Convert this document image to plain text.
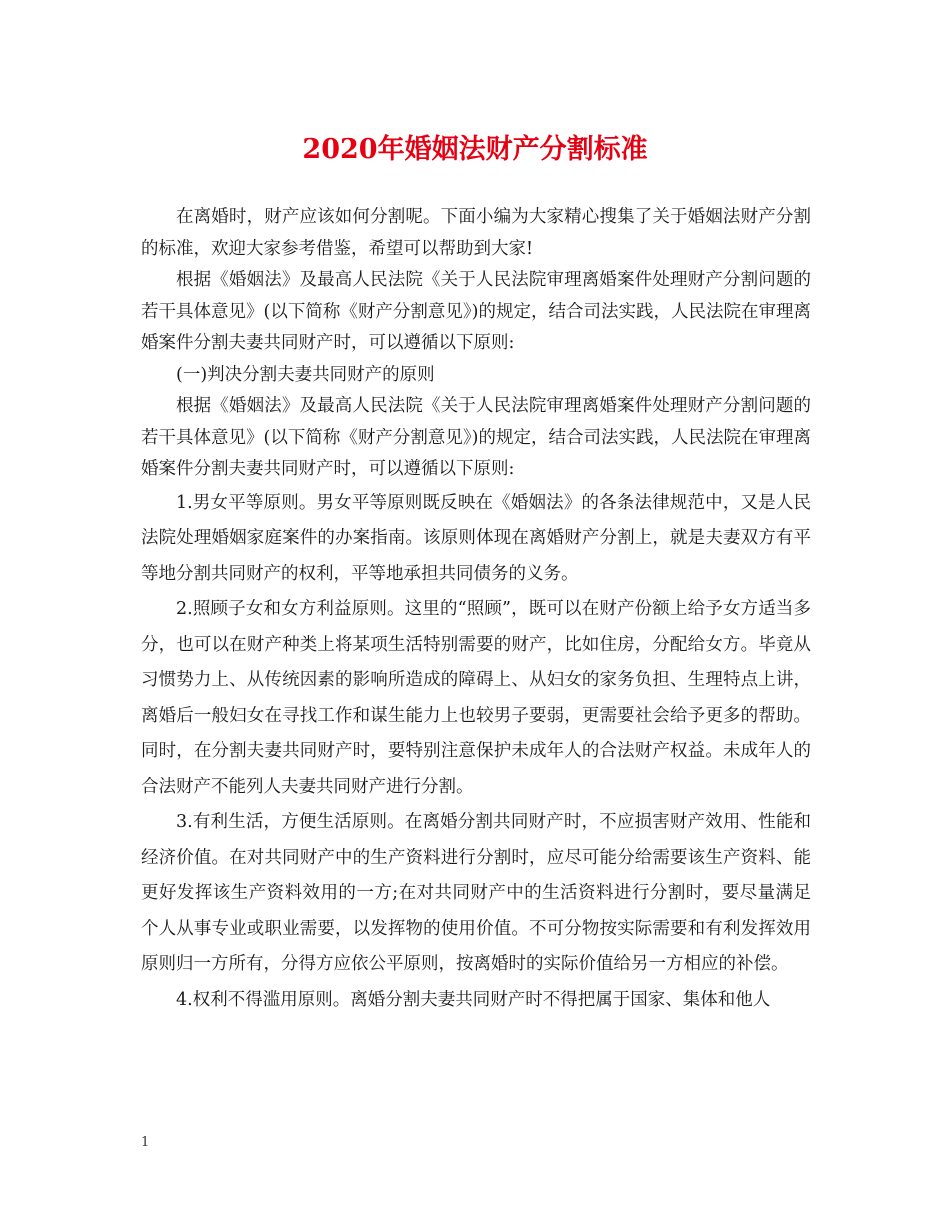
2020年婚姻法财产分割标准

在离婚时，财产应该如何分割呢。下面小编为大家精心搜集了关于婚姻法财产分割的标准，欢迎大家参考借鉴，希望可以帮助到大家!

根据《婚姻法》及最高人民法院《关于人民法院审理离婚案件处理财产分割问题的若干具体意见》(以下简称《财产分割意见》)的规定，结合司法实践，人民法院在审理离婚案件分割夫妻共同财产时，可以遵循以下原则:

(一)判决分割夫妻共同财产的原则

根据《婚姻法》及最高人民法院《关于人民法院审理离婚案件处理财产分割问题的若干具体意见》(以下简称《财产分割意见》)的规定，结合司法实践，人民法院在审理离婚案件分割夫妻共同财产时，可以遵循以下原则:

1.男女平等原则。男女平等原则既反映在《婚姻法》的各条法律规范中，又是人民法院处理婚姻家庭案件的办案指南。该原则体现在离婚财产分割上，就是夫妻双方有平等地分割共同财产的权利，平等地承担共同债务的义务。

2.照顾子女和女方利益原则。这里的“照顾”，既可以在财产份额上给予女方适当多分，也可以在财产种类上将某项生活特别需要的财产，比如住房，分配给女方。毕竟从习惯势力上、从传统因素的影响所造成的障碍上、从妇女的家务负担、生理特点上讲，离婚后一般妇女在寻找工作和谋生能力上也较男子要弱，更需要社会给予更多的帮助。同时，在分割夫妻共同财产时，要特别注意保护未成年人的合法财产权益。未成年人的合法财产不能列人夫妻共同财产进行分割。

3.有利生活，方便生活原则。在离婚分割共同财产时，不应损害财产效用、性能和经济价值。在对共同财产中的生产资料进行分割时，应尽可能分给需要该生产资料、能更好发挥该生产资料效用的一方;在对共同财产中的生活资料进行分割时，要尽量满足个人从事专业或职业需要，以发挥物的使用价值。不可分物按实际需要和有利发挥效用原则归一方所有，分得方应依公平原则，按离婚时的实际价值给另一方相应的补偿。

4.权利不得滥用原则。离婚分割夫妻共同财产时不得把属于国家、集体和他人

1
